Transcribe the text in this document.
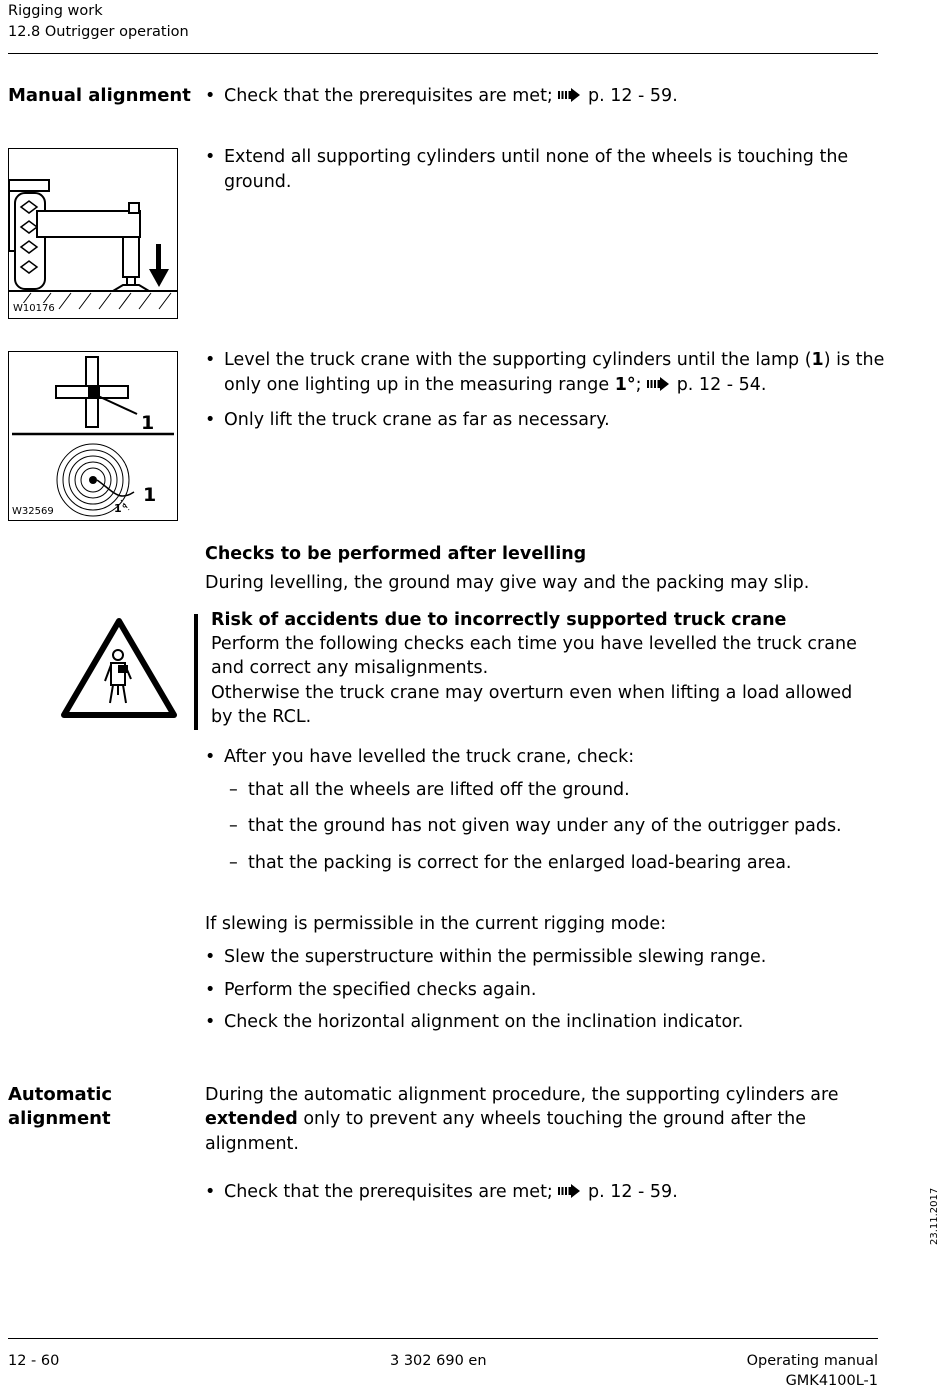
Rigging work
12.8 Outrigger operation
Manual alignment • Check that the prerequisites are met; p. 12 - 59.
W10176
• Extend all supporting cylinders until none of the wheels is touching the
ground.
1
1
1°
W32569
• Level the truck crane with the supporting cylinders until the lamp (1) is the
only one lighting up in the measuring range 1°; p. 12 - 54.
• Only lift the truck crane as far as necessary.
Checks to be performed after levelling
During levelling, the ground may give way and the packing may slip.
Risk of accidents due to incorrectly supported truck crane
Perform the following checks each time you have levelled the truck crane
and correct any misalignments.
Otherwise the truck crane may overturn even when lifting a load allowed
by the RCL.
• After you have levelled the truck crane, check:
– that all the wheels are lifted off the ground.
– that the ground has not given way under any of the outrigger pads.
– that the packing is correct for the enlarged load-bearing area.
If slewing is permissible in the current rigging mode:
• Slew the superstructure within the permissible slewing range.
• Perform the specified checks again.
• Check the horizontal alignment on the inclination indicator.
Automatic
alignment
During the automatic alignment procedure, the supporting cylinders are
extended only to prevent any wheels touching the ground after the
alignment.
• Check that the prerequisites are met; p. 12 - 59.	23.11.2017
12 - 60	3 302 690 en	Operating manual
GMK4100L-1
